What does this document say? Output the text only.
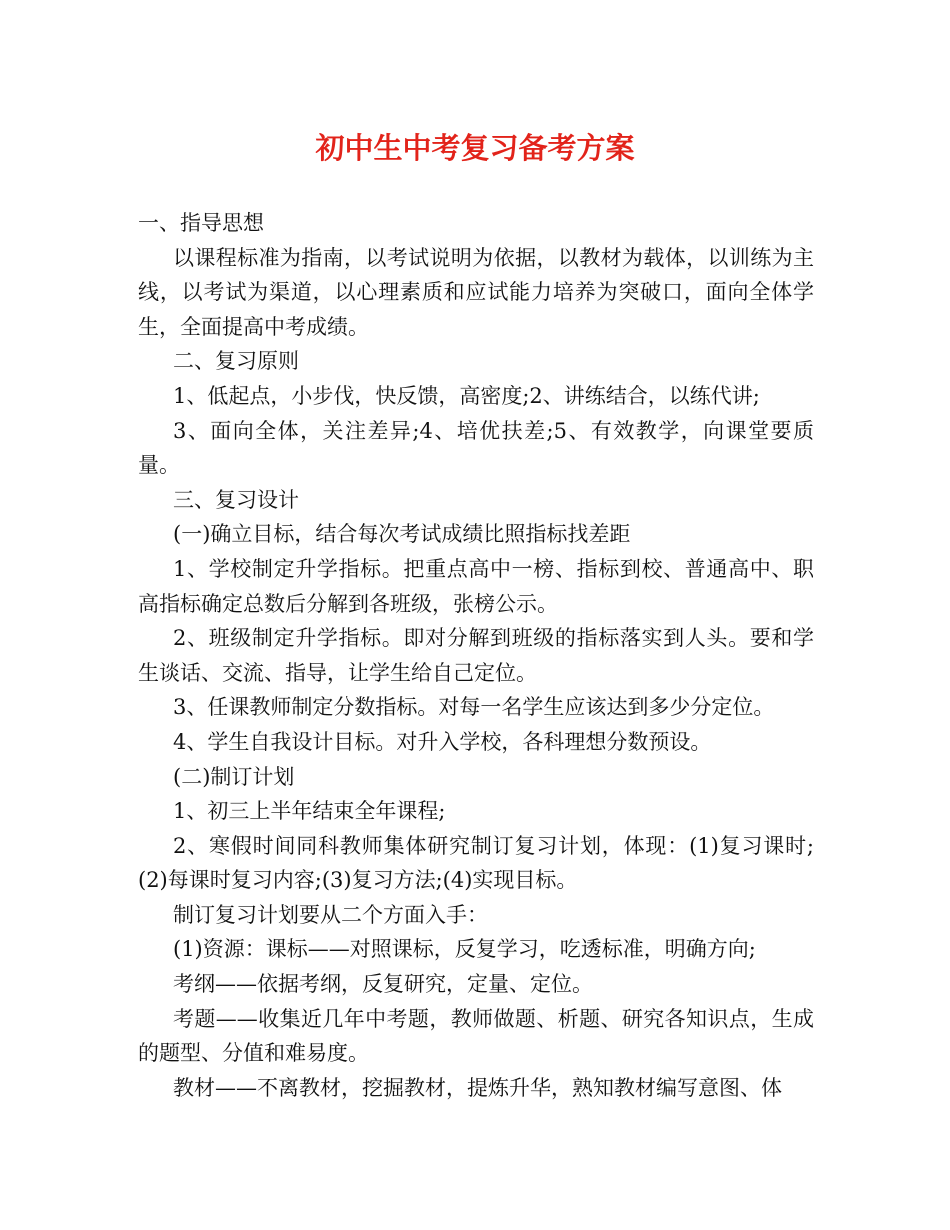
初中生中考复习备考方案

一、指导思想

以课程标准为指南，以考试说明为依据，以教材为载体，以训练为主线，以考试为渠道，以心理素质和应试能力培养为突破口，面向全体学生，全面提高中考成绩。

二、复习原则

1、低起点，小步伐，快反馈，高密度;2、讲练结合，以练代讲;

3、面向全体，关注差异;4、培优扶差;5、有效教学，向课堂要质量。

三、复习设计

(一)确立目标，结合每次考试成绩比照指标找差距

1、学校制定升学指标。把重点高中一榜、指标到校、普通高中、职高指标确定总数后分解到各班级，张榜公示。

2、班级制定升学指标。即对分解到班级的指标落实到人头。要和学生谈话、交流、指导，让学生给自己定位。

3、任课教师制定分数指标。对每一名学生应该达到多少分定位。

4、学生自我设计目标。对升入学校，各科理想分数预设。

(二)制订计划

1、初三上半年结束全年课程;

2、寒假时间同科教师集体研究制订复习计划，体现：(1)复习课时;(2)每课时复习内容;(3)复习方法;(4)实现目标。

制订复习计划要从二个方面入手：

(1)资源：课标——对照课标，反复学习，吃透标准，明确方向;

考纲——依据考纲，反复研究，定量、定位。

考题——收集近几年中考题，教师做题、析题、研究各知识点，生成的题型、分值和难易度。

教材——不离教材，挖掘教材，提炼升华，熟知教材编写意图、体
